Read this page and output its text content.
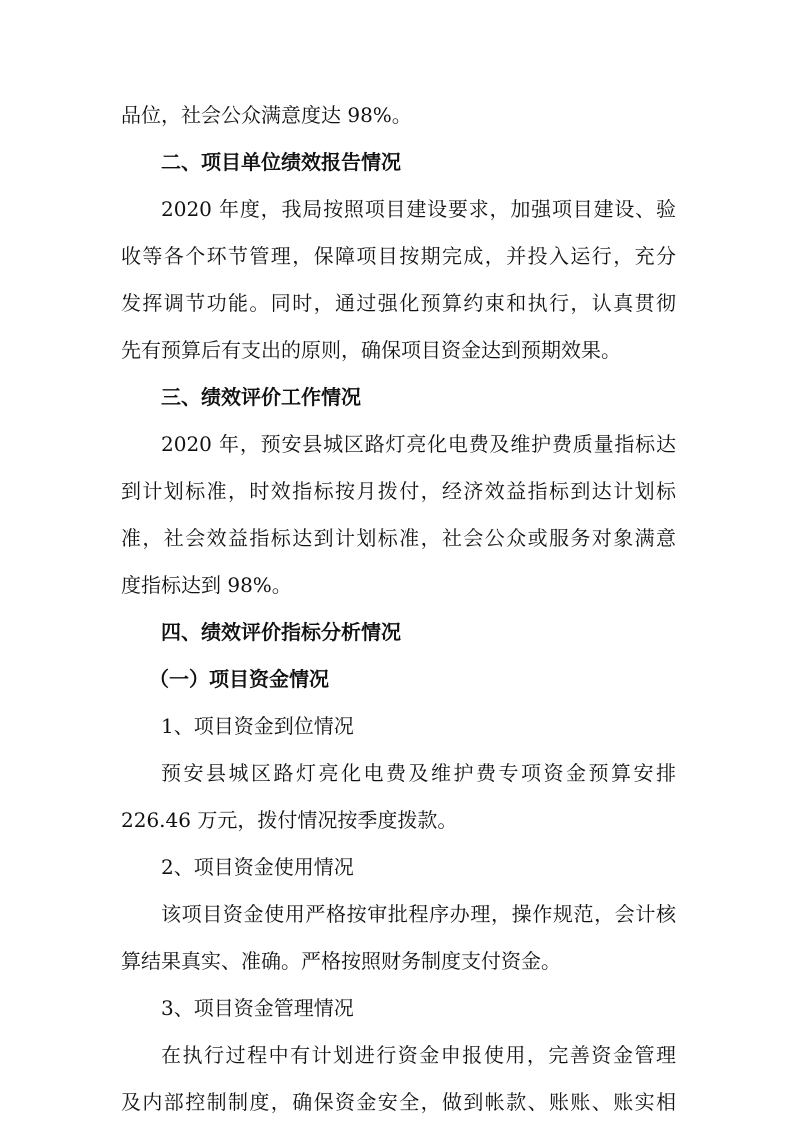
品位，社会公众满意度达 98%。
二、项目单位绩效报告情况
2020 年度，我局按照项目建设要求，加强项目建设、验
收等各个环节管理，保障项目按期完成，并投入运行，充分
发挥调节功能。同时，通过强化预算约束和执行，认真贯彻
先有预算后有支出的原则，确保项目资金达到预期效果。
三、绩效评价工作情况
2020 年，预安县城区路灯亮化电费及维护费质量指标达
到计划标准，时效指标按月拨付，经济效益指标到达计划标
准，社会效益指标达到计划标准，社会公众或服务对象满意
度指标达到 98%。
四、绩效评价指标分析情况
（一）项目资金情况
1、项目资金到位情况
预安县城区路灯亮化电费及维护费专项资金预算安排
226.46 万元，拨付情况按季度拨款。
2、项目资金使用情况
该项目资金使用严格按审批程序办理，操作规范，会计核
算结果真实、准确。严格按照财务制度支付资金。
3、项目资金管理情况
在执行过程中有计划进行资金申报使用，完善资金管理
及内部控制制度，确保资金安全，做到帐款、账账、账实相
